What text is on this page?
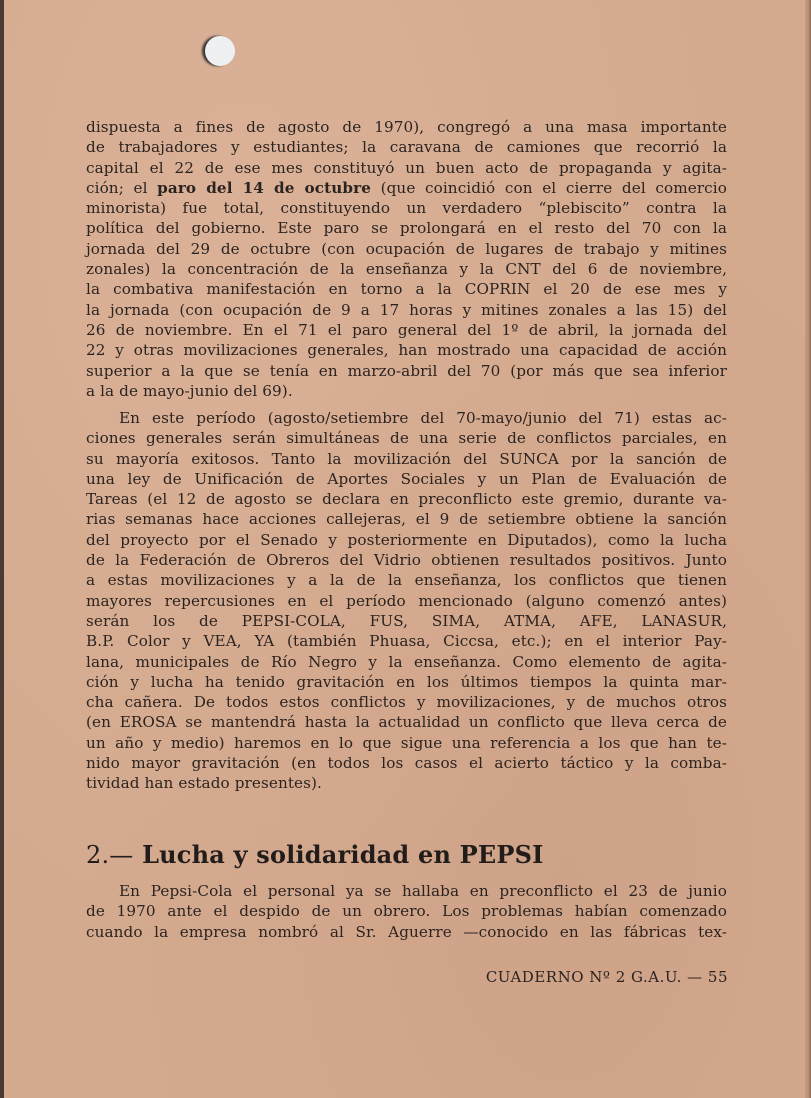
dispuesta a fines de agosto de 1970), congregó a una masa importante
de trabajadores y estudiantes; la caravana de camiones que recorrió la
capital el 22 de ese mes constituyó un buen acto de propaganda y agita-
ción; el paro del 14 de octubre (que coincidió con el cierre del comercio
minorista) fue total, constituyendo un verdadero “plebiscito” contra la
política del gobierno. Este paro se prolongará en el resto del 70 con la
jornada del 29 de octubre (con ocupación de lugares de trabajo y mitines
zonales) la concentración de la enseñanza y la CNT del 6 de noviembre,
la combativa manifestación en torno a la COPRIN el 20 de ese mes y
la jornada (con ocupación de 9 a 17 horas y mitines zonales a las 15) del
26 de noviembre. En el 71 el paro general del 1º de abril, la jornada del
22 y otras movilizaciones generales, han mostrado una capacidad de acción
superior a la que se tenía en marzo-abril del 70 (por más que sea inferior
a la de mayo-junio del 69).
En este período (agosto/setiembre del 70-mayo/junio del 71) estas ac-
ciones generales serán simultáneas de una serie de conflictos parciales, en
su mayoría exitosos. Tanto la movilización del SUNCA por la sanción de
una ley de Unificación de Aportes Sociales y un Plan de Evaluación de
Tareas (el 12 de agosto se declara en preconflicto este gremio, durante va-
rias semanas hace acciones callejeras, el 9 de setiembre obtiene la sanción
del proyecto por el Senado y posteriormente en Diputados), como la lucha
de la Federación de Obreros del Vidrio obtienen resultados positivos. Junto
a estas movilizaciones y a la de la enseñanza, los conflictos que tienen
mayores repercusiones en el período mencionado (alguno comenzó antes)
serán los de PEPSI-COLA, FUS, SIMA, ATMA, AFE, LANASUR,
B.P. Color y VEA, YA (también Phuasa, Ciccsa, etc.); en el interior Pay-
lana, municipales de Río Negro y la enseñanza. Como elemento de agita-
ción y lucha ha tenido gravitación en los últimos tiempos la quinta mar-
cha cañera. De todos estos conflictos y movilizaciones, y de muchos otros
(en EROSA se mantendrá hasta la actualidad un conflicto que lleva cerca de
un año y medio) haremos en lo que sigue una referencia a los que han te-
nido mayor gravitación (en todos los casos el acierto táctico y la comba-
tividad han estado presentes).
2.— Lucha y solidaridad en PEPSI
En Pepsi-Cola el personal ya se hallaba en preconflicto el 23 de junio
de 1970 ante el despido de un obrero. Los problemas habían comenzado
cuando la empresa nombró al Sr. Aguerre —conocido en las fábricas tex-
CUADERNO Nº 2 G.A.U. — 55
